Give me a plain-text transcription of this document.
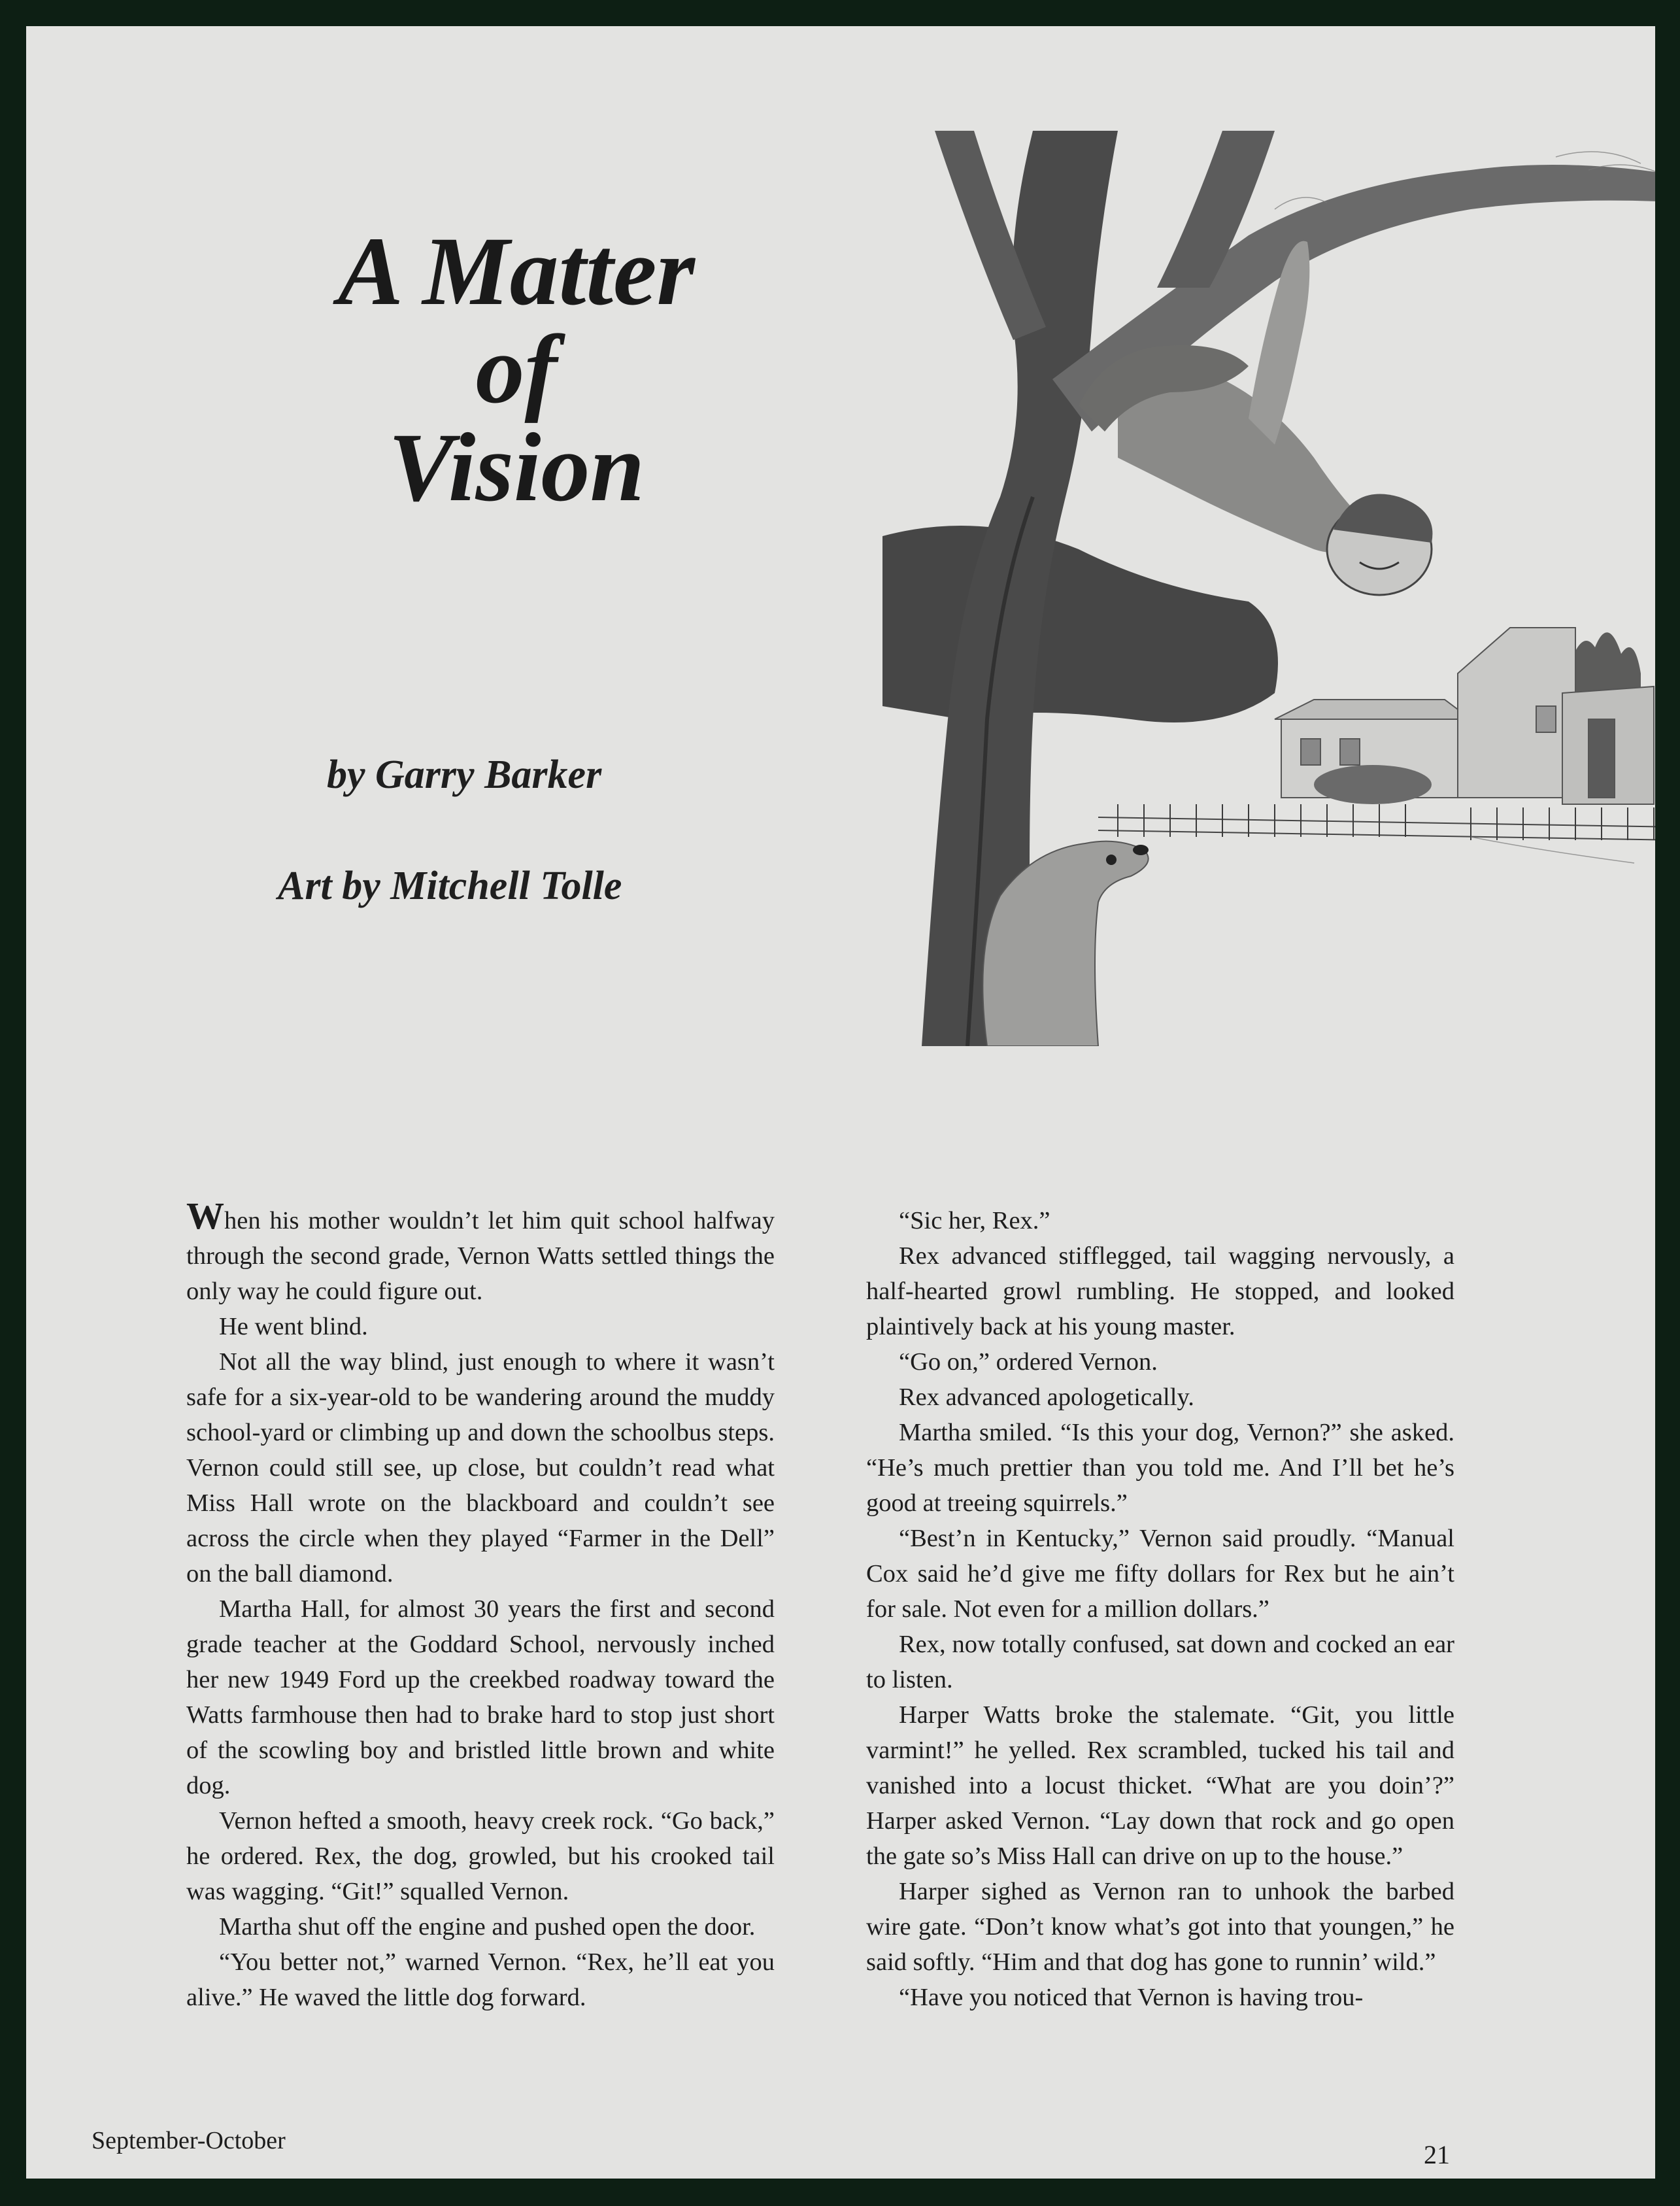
A Matter
of
Vision
by Garry Barker
Art by Mitchell Tolle

When his mother wouldn’t let him quit school halfway through the second grade, Vernon Watts settled things the only way he could figure out.

He went blind.

Not all the way blind, just enough to where it wasn’t safe for a six-year-old to be wandering around the muddy school-yard or climbing up and down the schoolbus steps. Vernon could still see, up close, but couldn’t read what Miss Hall wrote on the blackboard and couldn’t see across the circle when they played “Farmer in the Dell” on the ball diamond.

Martha Hall, for almost 30 years the first and second grade teacher at the Goddard School, nervously inched her new 1949 Ford up the creekbed roadway toward the Watts farmhouse then had to brake hard to stop just short of the scowling boy and bristled little brown and white dog.

Vernon hefted a smooth, heavy creek rock. “Go back,” he ordered. Rex, the dog, growled, but his crooked tail was wagging. “Git!” squalled Vernon.

Martha shut off the engine and pushed open the door.

“You better not,” warned Vernon. “Rex, he’ll eat you alive.” He waved the little dog forward.

“Sic her, Rex.”

Rex advanced stifflegged, tail wagging nervously, a half-hearted growl rumbling. He stopped, and looked plaintively back at his young master.

“Go on,” ordered Vernon.

Rex advanced apologetically.

Martha smiled. “Is this your dog, Vernon?” she asked. “He’s much prettier than you told me. And I’ll bet he’s good at treeing squirrels.”

“Best’n in Kentucky,” Vernon said proudly. “Manual Cox said he’d give me fifty dollars for Rex but he ain’t for sale. Not even for a million dollars.”

Rex, now totally confused, sat down and cocked an ear to listen.

Harper Watts broke the stalemate. “Git, you little varmint!” he yelled. Rex scrambled, tucked his tail and vanished into a locust thicket. “What are you doin’?” Harper asked Vernon. “Lay down that rock and go open the gate so’s Miss Hall can drive on up to the house.”

Harper sighed as Vernon ran to unhook the barbed wire gate. “Don’t know what’s got into that youngen,” he said softly. “Him and that dog has gone to runnin’ wild.”

“Have you noticed that Vernon is having trou-

September-October	21
